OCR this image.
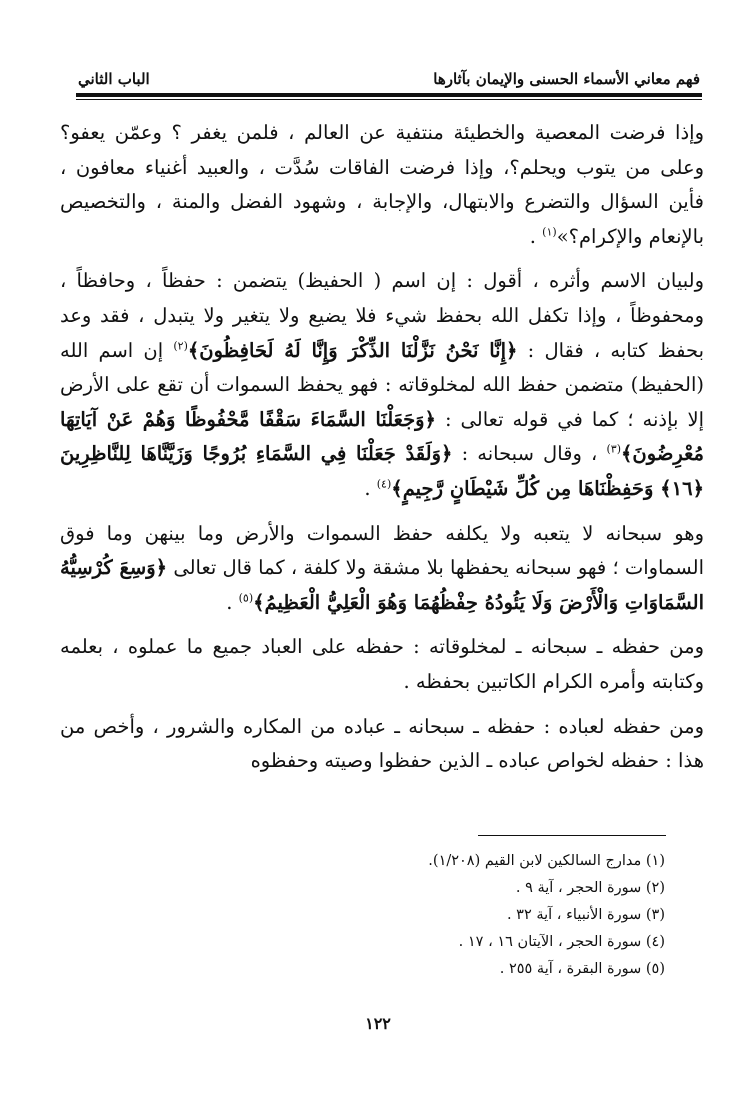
فهم معاني الأسماء الحسنى والإيمان بآثارها
الباب الثاني

وإذا فرضت المعصية والخطيئة منتفية عن العالم ، فلمن يغفر ؟ وعمّن يعفو؟ وعلى من يتوب ويحلم؟، وإذا فرضت الفاقات سُدَّت ، والعبيد أغنياء معافون ، فأين السؤال والتضرع والابتهال، والإجابة ، وشهود الفضل والمنة ، والتخصيص بالإنعام والإكرام؟»$^{(١)}$ .

ولبيان الاسم وأثره ، أقول : إن اسم ( الحفيظ) يتضمن : حفظاً ، وحافظاً ، ومحفوظاً ، وإذا تكفل الله بحفظ شيء فلا يضيع ولا يتغير ولا يتبدل ، فقد وعد بحفظ كتابه ، فقال : ﴿إِنَّا نَحْنُ نَزَّلْنَا الذِّكْرَ وَإِنَّا لَهُ لَحَافِظُونَ﴾$^{(٢)}$ إن اسم الله (الحفيظ) متضمن حفظ الله لمخلوقاته : فهو يحفظ السموات أن تقع على الأرض إلا بإذنه ؛ كما في قوله تعالى : ﴿وَجَعَلْنَا السَّمَاءَ سَقْفًا مَّحْفُوظًا وَهُمْ عَنْ آيَاتِهَا مُعْرِضُونَ﴾$^{(٣)}$ ، وقال سبحانه : ﴿وَلَقَدْ جَعَلْنَا فِي السَّمَاءِ بُرُوجًا وَزَيَّنَّاهَا لِلنَّاظِرِينَ ﴿١٦﴾ وَحَفِظْنَاهَا مِن كُلِّ شَيْطَانٍ رَّجِيمٍ﴾$^{(٤)}$ .

وهو سبحانه لا يتعبه ولا يكلفه حفظ السموات والأرض وما بينهن وما فوق السماوات ؛ فهو سبحانه يحفظها بلا مشقة ولا كلفة ، كما قال تعالى ﴿وَسِعَ كُرْسِيُّهُ السَّمَاوَاتِ وَالْأَرْضَ وَلَا يَئُودُهُ حِفْظُهُمَا وَهُوَ الْعَلِيُّ الْعَظِيمُ﴾$^{(٥)}$ .

ومن حفظه ـ سبحانه ـ لمخلوقاته : حفظه على العباد جميع ما عملوه ، بعلمه وكتابته وأمره الكرام الكاتبين بحفظه .

ومن حفظه لعباده : حفظه ـ سبحانه ـ عباده من المكاره والشرور ، وأخص من هذا : حفظه لخواص عباده ـ الذين حفظوا وصيته وحفظوه

(١) مدارج السالكين لابن القيم (١/٢٠٨).
(٢) سورة الحجر ، آية ٩ .
(٣) سورة الأنبياء ، آية ٣٢ .
(٤) سورة الحجر ، الآيتان ١٦ ، ١٧ .
(٥) سورة البقرة ، آية ٢٥٥ .
١٢٢
